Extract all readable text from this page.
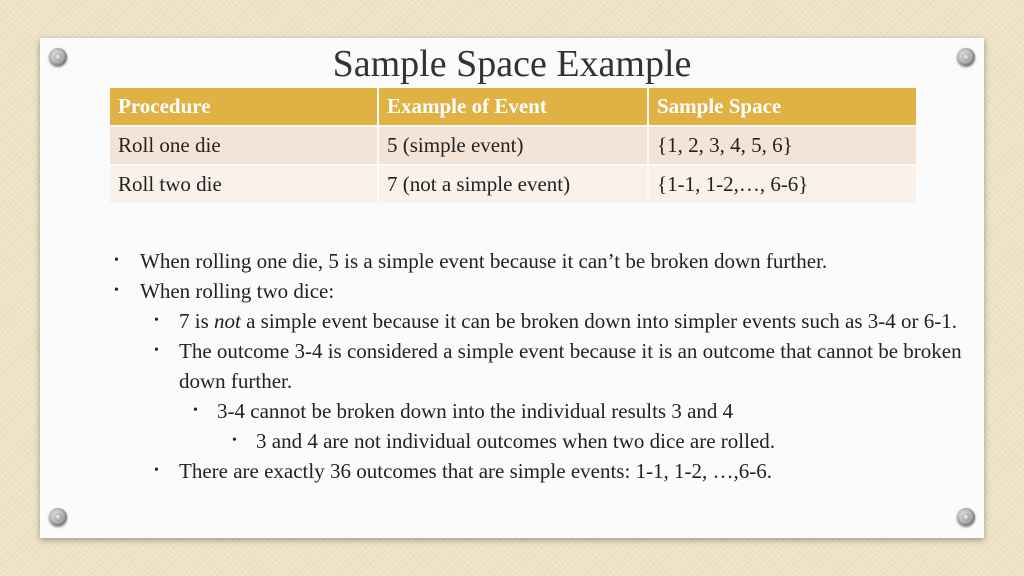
Sample Space Example
Procedure	Example of Event	Sample Space
Roll one die	5 (simple event)	{1, 2, 3, 4, 5, 6}
Roll two die	7 (not a simple event)	{1-1, 1-2,…, 6-6}
• When rolling one die, 5 is a simple event because it can’t be broken down further.
• When rolling two dice:
• 7 is not a simple event because it can be broken down into simpler events such as 3-4 or 6-1.
• The outcome 3-4 is considered a simple event because it is an outcome that cannot be broken down further.
• 3-4 cannot be broken down into the individual results 3 and 4
• 3 and 4 are not individual outcomes when two dice are rolled.
• There are exactly 36 outcomes that are simple events: 1-1, 1-2, …,6-6.
